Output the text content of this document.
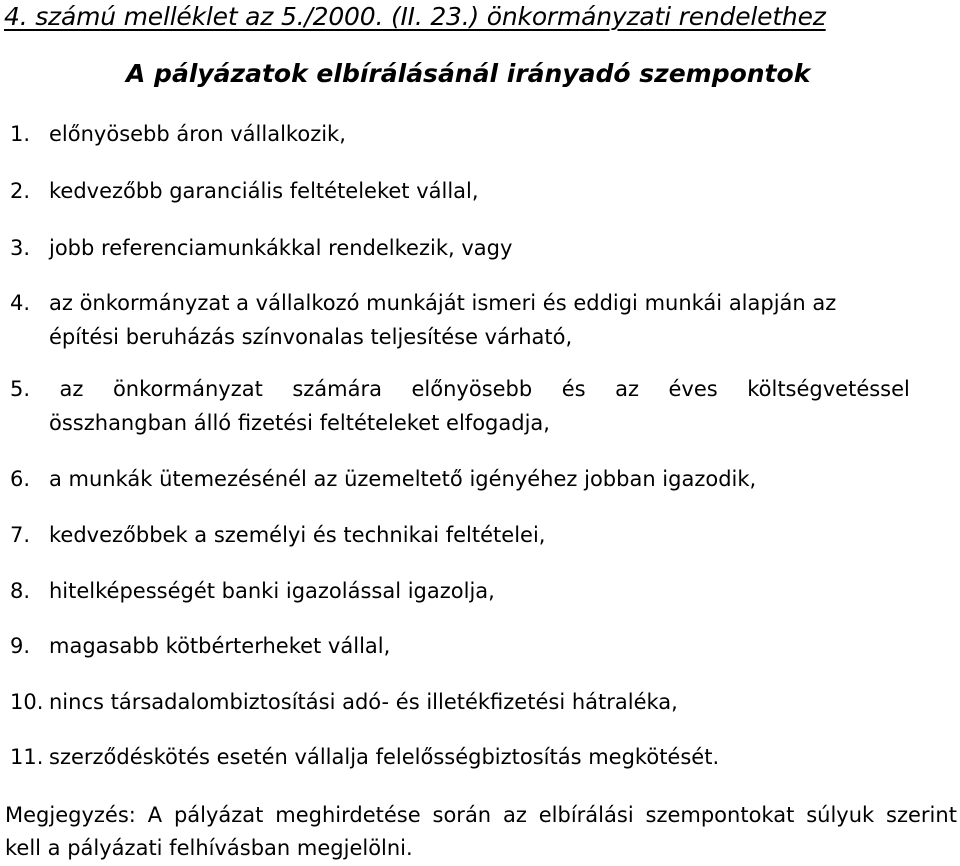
4. számú melléklet az 5./2000. (II. 23.) önkormányzati rendelethez
A pályázatok elbírálásánál irányadó szempontok
1. előnyösebb áron vállalkozik,
2. kedvezőbb garanciális feltételeket vállal,
3. jobb referenciamunkákkal rendelkezik, vagy
4. az önkormányzat a vállalkozó munkáját ismeri és eddigi munkái alapján az
építési beruházás színvonalas teljesítése várható,
5. az önkormányzat számára előnyösebb és az éves költségvetéssel
összhangban álló fizetési feltételeket elfogadja,
6. a munkák ütemezésénél az üzemeltető igényéhez jobban igazodik,
7. kedvezőbbek a személyi és technikai feltételei,
8. hitelképességét banki igazolással igazolja,
9. magasabb kötbérterheket vállal,
10. nincs társadalombiztosítási adó- és illetékfizetési hátraléka,
11. szerződéskötés esetén vállalja felelősségbiztosítás megkötését.
Megjegyzés: A pályázat meghirdetése során az elbírálási szempontokat súlyuk szerint
kell a pályázati felhívásban megjelölni.
